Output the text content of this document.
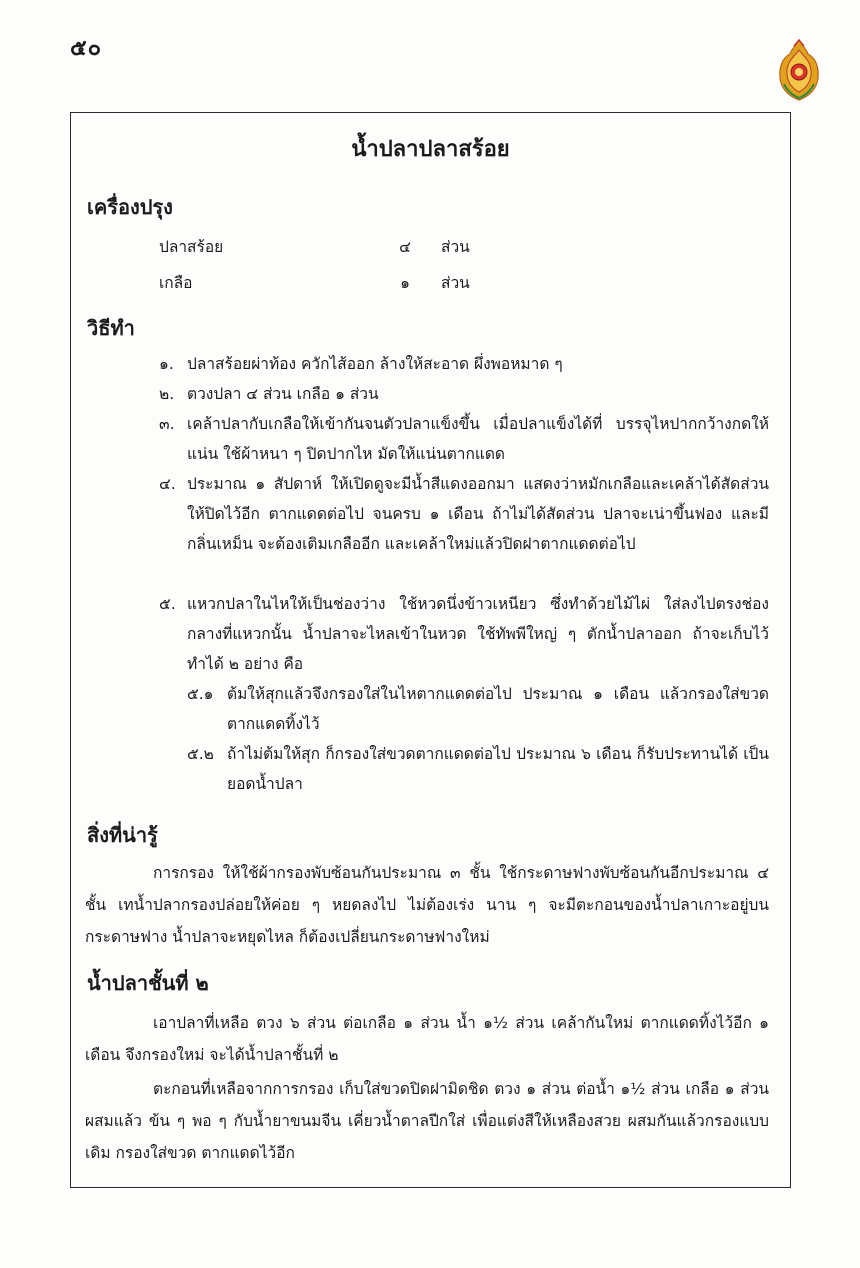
๕๐
น้ำปลาปลาสร้อย
เครื่องปรุง
ปลาสร้อย	๔ ส่วน
เกลือ	๑	ส่วน
วิธีทำ
๑. ปลาสร้อยผ่าท้อง ควักไส้ออก ล้างให้สะอาด ผึ่งพอหมาด ๆ
๒. ตวงปลา ๔ ส่วน เกลือ ๑ ส่วน
๓. เคล้าปลากับเกลือให้เข้ากันจนตัวปลาแข็งขึ้น เมื่อปลาแข็งได้ที่ บรรจุไหปากกว้างกดให้แน่น ใช้ผ้าหนา ๆ ปิดปากไห มัดให้แน่นตากแดด
๔. ประมาณ ๑ สัปดาห์ ให้เปิดดูจะมีน้ำสีแดงออกมา แสดงว่าหมักเกลือและเคล้าได้สัดส่วน ให้ปิดไว้อีก ตากแดดต่อไป จนครบ ๑ เดือน ถ้าไม่ได้สัดส่วน ปลาจะเน่าขึ้นฟอง และมีกลิ่นเหม็น จะต้องเติมเกลืออีก และเคล้าใหม่แล้วปิดฝาตากแดดต่อไป
๕. แหวกปลาในไหให้เป็นช่องว่าง ใช้หวดนึ่งข้าวเหนียว ซึ่งทำด้วยไม้ไผ่ ใส่ลงไปตรงช่องกลางที่แหวกนั้น น้ำปลาจะไหลเข้าในหวด ใช้ทัพพีใหญ่ ๆ ตักน้ำปลาออก ถ้าจะเก็บไว้ทำได้ ๒ อย่าง คือ
๕.๑ ต้มให้สุกแล้วจึงกรองใส่ในไหตากแดดต่อไป ประมาณ ๑ เดือน แล้วกรองใส่ขวด ตากแดดทิ้งไว้
๕.๒ ถ้าไม่ต้มให้สุก ก็กรองใส่ขวดตากแดดต่อไป ประมาณ ๖ เดือน ก็รับประทานได้ เป็นยอดน้ำปลา
สิ่งที่น่ารู้
การกรอง ให้ใช้ผ้ากรองพับซ้อนกันประมาณ ๓ ชั้น ใช้กระดาษฟางพับซ้อนกันอีกประมาณ ๔ ชั้น เทน้ำปลากรองปล่อยให้ค่อย ๆ หยดลงไป ไม่ต้องเร่ง นาน ๆ จะมีตะกอนของน้ำปลาเกาะอยู่บนกระดาษฟาง น้ำปลาจะหยุดไหล ก็ต้องเปลี่ยนกระดาษฟางใหม่
น้ำปลาชั้นที่ ๒
เอาปลาที่เหลือ ตวง ๖ ส่วน ต่อเกลือ ๑ ส่วน น้ำ ๑½ ส่วน เคล้ากันใหม่ ตากแดดทิ้งไว้อีก ๑ เดือน จึงกรองใหม่ จะได้น้ำปลาชั้นที่ ๒
ตะกอนที่เหลือจากการกรอง เก็บใส่ขวดปิดฝามิดชิด ตวง ๑ ส่วน ต่อน้ำ ๑½ ส่วน เกลือ ๑ ส่วน ผสมแล้ว ข้น ๆ พอ ๆ กับน้ำยาขนมจีน เคี่ยวน้ำตาลปีกใส่ เพื่อแต่งสีให้เหลืองสวย ผสมกันแล้วกรองแบบเดิม กรองใส่ขวด ตากแดดไว้อีก
